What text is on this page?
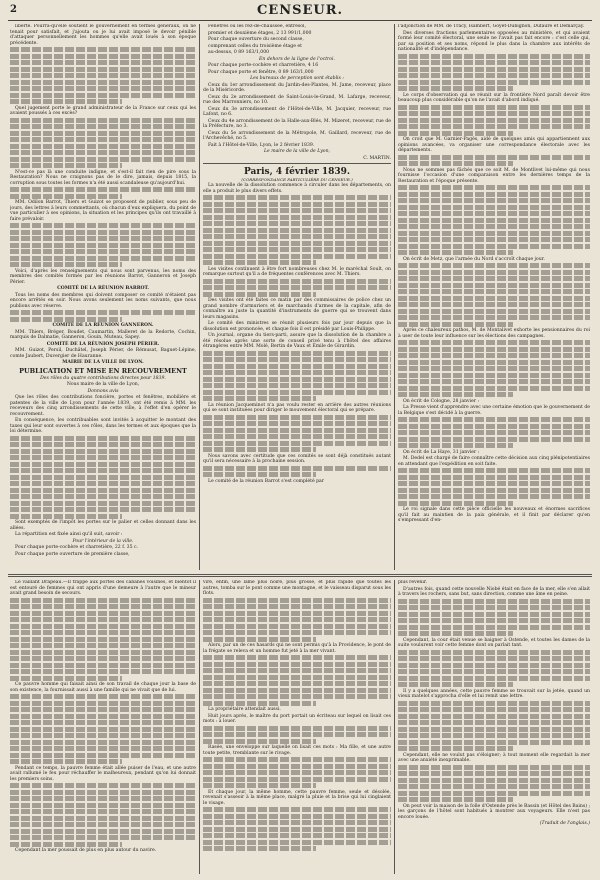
2	CENSEUR.

liberté. Pourra-qu'elle soutient le gouvernement en termes généraux, on ne tenait pour satisfait, et j'ajouta ou je lui avait imposé le devoir pénible d'attaquer personnellement les hommes qu'elle avait loués à son époque précédente.

Quel jugement porte le grand administrateur de la France sur ceux qui les avaient poussés à ces excès?

N'est-ce pas là une conduite indigne, et s'est-il fait rien de pire sous la Restauration? Nous ne craignons pas de le dire, jamais, depuis 1815, la corruption sous toutes les formes n'a été aussi scandaleuse qu'aujourd'hui.

MM. Odilon Barrot, Thiers et Guizot se proposent de publier, sous peu de jours, des lettres à leurs commettants, où chacun d'eux expliquera, du point de vue particulier à ses opinions, la situation et les principes qu'ils ont travaillé à faire prévaloir.

Voici, d'après les renseignements qui nous sont parvenus, les noms des membres des comités formés par les réunions Barrot, Ganneron et Joseph Périer.

COMITÉ DE LA RÉUNION BARROT.

Tous les noms des membres qui doivent composer ce comité n'étaient pas encore arrêtés en soir. Nous avons seulement les noms suivants, que nous publions avec réserve.

COMITÉ DE LA RÉUNION GANNERON.

MM. Thiers, Bréger, Boudet, Caumartin, Malleret de la Redorte, Cochin, marquis de Dalmatie, Ganneron, Gouin, Muteau, Sapey.

COMITÉ DE LA RÉUNION JOSEPH PÉRIER.

MM. Guizot, Persil, Duchâtel, Joseph Périer, de Rémusat, Baguet-Lépine, comte Jaubert, Duvergier de Hauranne.

MAIRIE DE LA VILLE DE LYON.

PUBLICATION ET MISE EN RECOUVREMENT

Des rôles du quatre contributions directes pour 1839.

Nous maire de la ville de Lyon,

Donnons avis

Que les rôles des contributions foncière, portes et fenêtres, mobilière et patentes de la ville de Lyon pour l'année 1839, ont été remis à MM. les receveurs des cinq arrondissements de cette ville, à l'effet d'en opérer le recouvrement.

En conséquence, les contribuables sont invités à acquitter le montant des taxes qui leur sont ouvertes à ces rôles, dans les termes et aux époques que la loi détermine.

Sont exemptés de l'impôt les portes sur le palier et celles donnant dans les allées.

La répartition est fixée ainsi qu'il suit, savoir :

Pour l'intérieur de la ville.

Pour chaque porte-cochère et charretière, 22 f. 35 c.

Pour chaque porte ouverture de première classe,

Fenêtres ou les rez-de-chaussée, entresol,

premier et deuxième étages, 2 13 991/1,000

Pour chaque ouverture du second classe,

comprenant celles du troisième étage et

au-dessus, 0 89 163/1,000

En dehors de la ligne de l'octroi.

Pour chaque porte-cochère et charretière, 4 16

Pour chaque porte et fenêtre, 0 89 163/1,000

Les bureaux de perception sont établis :

Ceux du 1er arrondissement du Jardin-des-Plantes, M. Jame, receveur, place de la Miséricorde.

Ceux du 2e arrondissement de Saint-Louis-le-Grand, M. Lafarge, receveur, rue des Marronniers, no 10.

Ceux du 3e arrondissement de l'Hôtel-de-Ville, M. Jacquier, receveur, rue Lafont, no 6.

Ceux du 4e arrondissement de la Halle-aux-Blés, M. Mizeret, receveur, rue de la Préfecture, no 3.

Ceux du 5e arrondissement de la Métropole, M. Gaillard, receveur, rue de l'Archevêché, no 5.

Fait à l'Hôtel-de-Ville, Lyon, le 2 février 1839.

Le maire de la ville de Lyon,

C. MARTIN.

Paris, 4 février 1839.
(CORRESPONDANCE PARTICULIÈRE DU CENSEUR.)

La nouvelle de la dissolution commence à circuler dans les départements, on elle a produit le plus divers effets.

Les visites continuent à être fort nombreuses chez M. le maréchal Soult, on remarque surtout qu'il a de fréquentes conférences avec M. Thiers.

Des visites ont été faites ce matin par des commissaires de police chez un grand nombre d'armuriers et de marchands d'armes de la capitale, afin de connaître au juste la quantité d'instruments de guerre qui se trouvent dans leurs magasins.

Le comité des ministres se réunit plusieurs fois par jour depuis que la dissolution est prononcée, et chaque fois il est présidé par Louis-Philippe.

Un journal, organe du tiers-parti, assure que la dissolution de la chambre a été résolue après une sorte de conseil privé tenu à l'hôtel des affaires étrangères entre MM. Molé, Bertin de Vaux et Émile de Girardin.

La réunion Jacqueminot n'a pas voulu rester en arrière des autres réunions qui se sont instituées pour diriger le mouvement électoral qui se prépare.

Nous savons avec certitude que ces comités se sont déjà constitués autant qu'il sera nécessaire à la prochaine session.

Le comité de la réunion Barrot s'est complété par

l'adjonction de MM. de Tracy, Isambert, Goyet-Dubignon, Dufaure et Demarçay.

Des diverses fractions parlementaires opposées au ministère, et qui avaient formé leur comité électoral, une seule ne l'avait pas fait encore : c'est celle qui, par sa position et ses noms, répond le plus dans la chambre aux intérêts de nationalité et d'indépendance.

Le corps d'observation qui se réunit sur la frontière Nord paraît devoir être beaucoup plus considérable qu'on ne l'avait d'abord indiqué.

On croit que M. Garnier-Pagès, aidé de quelques amis qui appartiennent aux opinions avancées, va organiser une correspondance électorale avec les départements.

Nous ne sommes pas fâchés que ce soit M. de Montlivet lui-même qui nous fournisse l'occasion d'une comparaison entre les dernières temps de la Restauration et l'époque présente.

On écrit de Metz, que l'armée du Nord s'accroît chaque jour.

Après ce chaleureux pathos, M. de Montalivet exhorte les pensionnaires du roi à user de toute leur influence sur les élections des campagnes.

On écrit de Cologne, 28 janvier :

La Presse vient d'apprendre avec une certaine émotion que le gouvernement de la Belgique s'est décidé à la guerre.

On écrit de La Haye, 31 janvier :

M. Dedel est chargé de faire connaître cette décision aux cinq plénipotentiaires en attendant que l'expédition en soit faite.

Le roi signale dans cette pièce officielle les nouveaux et énormes sacrifices qu'il fait au maintien de la paix générale, et il finit par déclarer qu'en s'empressant d'en-

Le vaillant Drapeau.—Il trappe aux portes des cabanes voisines, et bientôt il est entouré de femmes qui ont appris d'une demeure à l'autre que le mineur avait grand besoin de secours.

Ce pauvre homme qui faisait ainsi de son travail de chaque jour la base de son existence, la fournissait aussi à une famille qui ne vivait que de lui.

Pendant ce temps, la pauvre femme était allée puiser de l'eau, et une autre avait rallumé le feu pour réchauffer le malheureux, pendant qu'on lui donnait les premiers soins.

Cependant la mer poussait de plus en plus autour du navire.

vire, enfin, une lame plus noire, plus grosse, et plus rapide que toutes les autres, tomba sur le pont comme une montagne, et le vaisseau disparut sous les flots.

Alors, par un de ces hasards qui ne sont permis qu'à la Providence, le pont de la frégate se releva et un homme fut jeté à la mer vivant.

La propriétaire attendait aussi.

Huit jours après, le maître du port portait un écriteau sur lequel on lisait ces mots : à louer.

Rasée, une enveloppe sur laquelle on lisait ces mots : Ma fille, et une autre toute petite, tremblante sur le rivage.

Et chaque jour, la même homme, cette pauvre femme, seule et désolée, revenait s'asseoir à la même place, malgré la pluie et la brise qui lui cinglaient le visage.

plus revenir.

D'autres fois, quand cette nouvelle Niobé était en face de la mer, elle s'en allait à travers les rochers, sans but, sans direction, comme une âme en peine.

Cependant, la cour était venue se baigner à Ostende, et toutes les dames de la suite voulurent voir cette femme dont on parlait tant.

Il y a quelques années, cette pauvre femme se trouvait sur la jetée, quand un vieux matelot s'approcha d'elle et lui remit une lettre.

Cependant, elle ne voulut pas s'éloigner; à tout moment elle regardait la mer avec une anxiété inexprimable.

On peut voir la maison de la folle d'Ostende près le Bassin (et Hôtel des Bains) ; les garçons de l'hôtel sont habitués à montrer aux voyageurs. Elle n'est pas encore louée.

(Traduit de l'anglais.)
